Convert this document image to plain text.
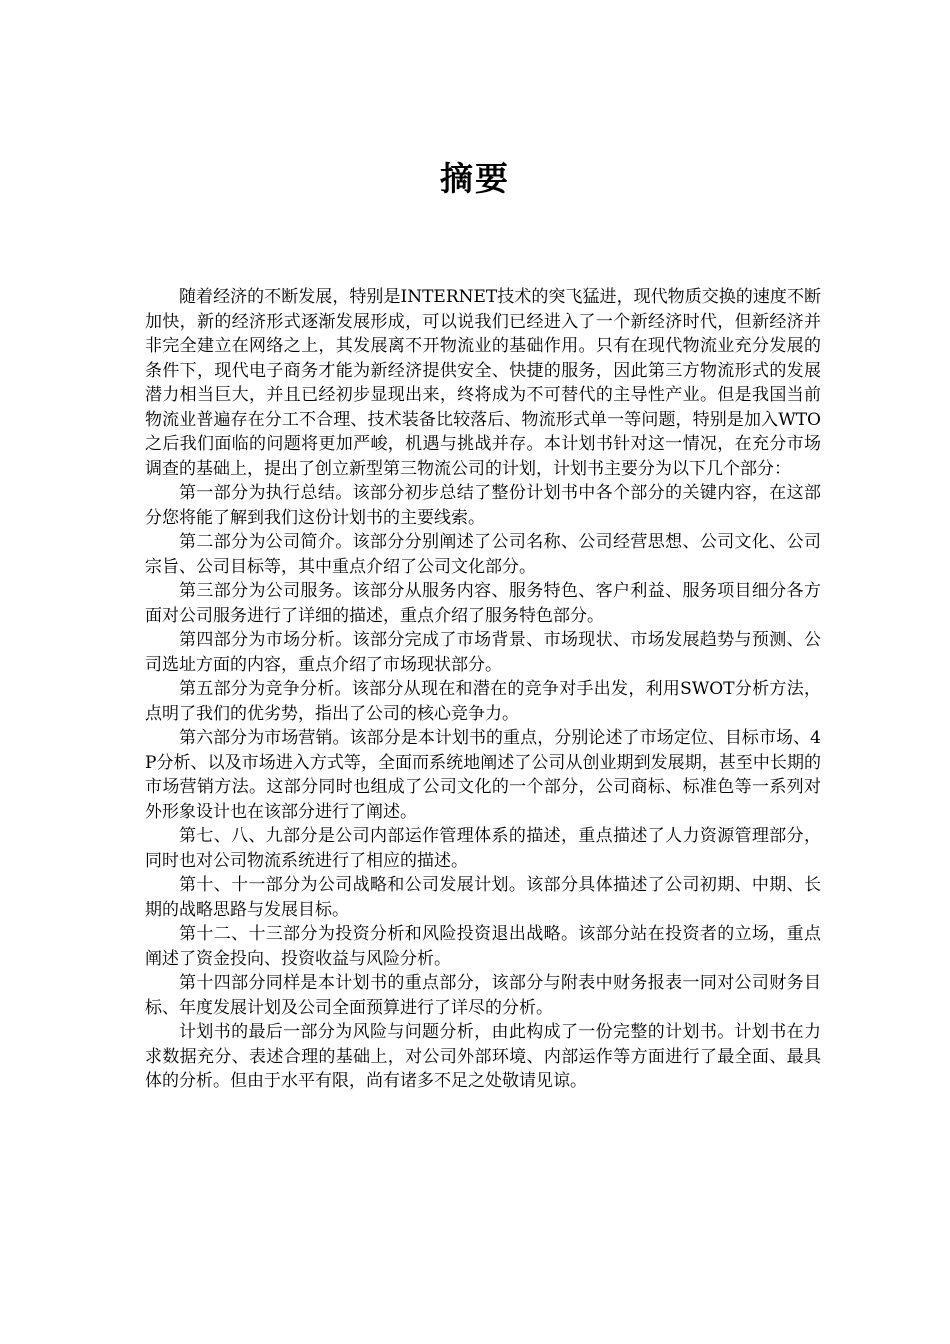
摘要

随着经济的不断发展，特别是INTERNET技术的突飞猛进，现代物质交换的速度不断加快，新的经济形式逐渐发展形成，可以说我们已经进入了一个新经济时代，但新经济并非完全建立在网络之上，其发展离不开物流业的基础作用。只有在现代物流业充分发展的条件下，现代电子商务才能为新经济提供安全、快捷的服务，因此第三方物流形式的发展潜力相当巨大，并且已经初步显现出来，终将成为不可替代的主导性产业。但是我国当前物流业普遍存在分工不合理、技术装备比较落后、物流形式单一等问题，特别是加入WTO之后我们面临的问题将更加严峻，机遇与挑战并存。本计划书针对这一情况，在充分市场调查的基础上，提出了创立新型第三物流公司的计划，计划书主要分为以下几个部分：

第一部分为执行总结。该部分初步总结了整份计划书中各个部分的关键内容，在这部分您将能了解到我们这份计划书的主要线索。

第二部分为公司简介。该部分分别阐述了公司名称、公司经营思想、公司文化、公司宗旨、公司目标等，其中重点介绍了公司文化部分。

第三部分为公司服务。该部分从服务内容、服务特色、客户利益、服务项目细分各方面对公司服务进行了详细的描述，重点介绍了服务特色部分。

第四部分为市场分析。该部分完成了市场背景、市场现状、市场发展趋势与预测、公司选址方面的内容，重点介绍了市场现状部分。

第五部分为竞争分析。该部分从现在和潜在的竞争对手出发，利用SWOT分析方法，点明了我们的优劣势，指出了公司的核心竞争力。

第六部分为市场营销。该部分是本计划书的重点，分别论述了市场定位、目标市场、4P分析、以及市场进入方式等，全面而系统地阐述了公司从创业期到发展期，甚至中长期的市场营销方法。这部分同时也组成了公司文化的一个部分，公司商标、标准色等一系列对外形象设计也在该部分进行了阐述。

第七、八、九部分是公司内部运作管理体系的描述，重点描述了人力资源管理部分，同时也对公司物流系统进行了相应的描述。

第十、十一部分为公司战略和公司发展计划。该部分具体描述了公司初期、中期、长期的战略思路与发展目标。

第十二、十三部分为投资分析和风险投资退出战略。该部分站在投资者的立场，重点阐述了资金投向、投资收益与风险分析。

第十四部分同样是本计划书的重点部分，该部分与附表中财务报表一同对公司财务目标、年度发展计划及公司全面预算进行了详尽的分析。

计划书的最后一部分为风险与问题分析，由此构成了一份完整的计划书。计划书在力求数据充分、表述合理的基础上，对公司外部环境、内部运作等方面进行了最全面、最具体的分析。但由于水平有限，尚有诸多不足之处敬请见谅。
